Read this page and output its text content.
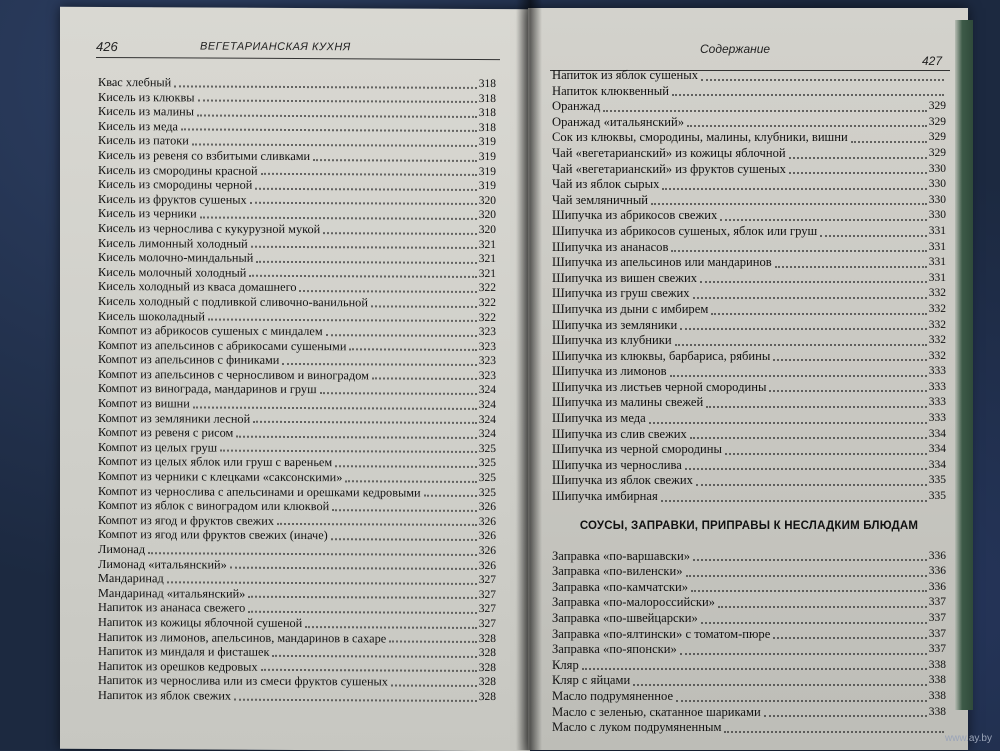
426	ВЕГЕТАРИАНСКАЯ КУХНЯ
Квас хлебный	318
Кисель из клюквы	318
Кисель из малины	318
Кисель из меда	318
Кисель из патоки	319
Кисель из ревеня со взбитыми сливками	319
Кисель из смородины красной	319
Кисель из смородины черной	319
Кисель из фруктов сушеных	320
Кисель из черники	320
Кисель из чернослива с кукурузной мукой	320
Кисель лимонный холодный	321
Кисель молочно-миндальный	321
Кисель молочный холодный	321
Кисель холодный из кваса домашнего	322
Кисель холодный с подливкой сливочно-ванильной	322
Кисель шоколадный	322
Компот из абрикосов сушеных с миндалем	323
Компот из апельсинов с абрикосами сушеными	323
Компот из апельсинов с финиками	323
Компот из апельсинов с черносливом и виноградом	323
Компот из винограда, мандаринов и груш	324
Компот из вишни	324
Компот из земляники лесной	324
Компот из ревеня с рисом	324
Компот из целых груш	325
Компот из целых яблок или груш с вареньем	325
Компот из черники с клецками «саксонскими»	325
Компот из чернослива с апельсинами и орешками кедровыми	325
Компот из яблок с виноградом или клюквой	326
Компот из ягод и фруктов свежих	326
Компот из ягод или фруктов свежих (иначе)	326
Лимонад	326
Лимонад «итальянский»	326
Мандаринад	327
Мандаринад «итальянский»	327
Напиток из ананаса свежего	327
Напиток из кожицы яблочной сушеной	327
Напиток из лимонов, апельсинов, мандаринов в сахаре	328
Напиток из миндаля и фисташек	328
Напиток из орешков кедровых	328
Напиток из чернослива или из смеси фруктов сушеных	328
Напиток из яблок свежих	328
Содержание
427
Напиток из яблок сушеных
Напиток клюквенный
Оранжад	329
Оранжад «итальянский»	329
Сок из клюквы, смородины, малины, клубники, вишни	329
Чай «вегетарианский» из кожицы яблочной	329
Чай «вегетарианский» из фруктов сушеных	330
Чай из яблок сырых	330
Чай земляничный	330
Шипучка из абрикосов свежих	330
Шипучка из абрикосов сушеных, яблок или груш	331
Шипучка из ананасов	331
Шипучка из апельсинов или мандаринов	331
Шипучка из вишен свежих	331
Шипучка из груш свежих	332
Шипучка из дыни с имбирем	332
Шипучка из земляники	332
Шипучка из клубники	332
Шипучка из клюквы, барбариса, рябины	332
Шипучка из лимонов	333
Шипучка из листьев черной смородины	333
Шипучка из малины свежей	333
Шипучка из меда	333
Шипучка из слив свежих	334
Шипучка из черной смородины	334
Шипучка из чернослива	334
Шипучка из яблок свежих	335
Шипучка имбирная	335
СОУСЫ, ЗАПРАВКИ, ПРИПРАВЫ К НЕСЛАДКИМ БЛЮДАМ
Заправка «по-варшавски»	336
Заправка «по-виленски»	336
Заправка «по-камчатски»	336
Заправка «по-малороссийски»	337
Заправка «по-швейцарски»	337
Заправка «по-ялтински» с томатом-пюре	337
Заправка «по-японски»	337
Кляр	338
Кляр с яйцами	338
Масло подрумяненное	338
Масло с зеленью, скатанное шариками	338
Масло с луком подрумяненным
www.ay.by
